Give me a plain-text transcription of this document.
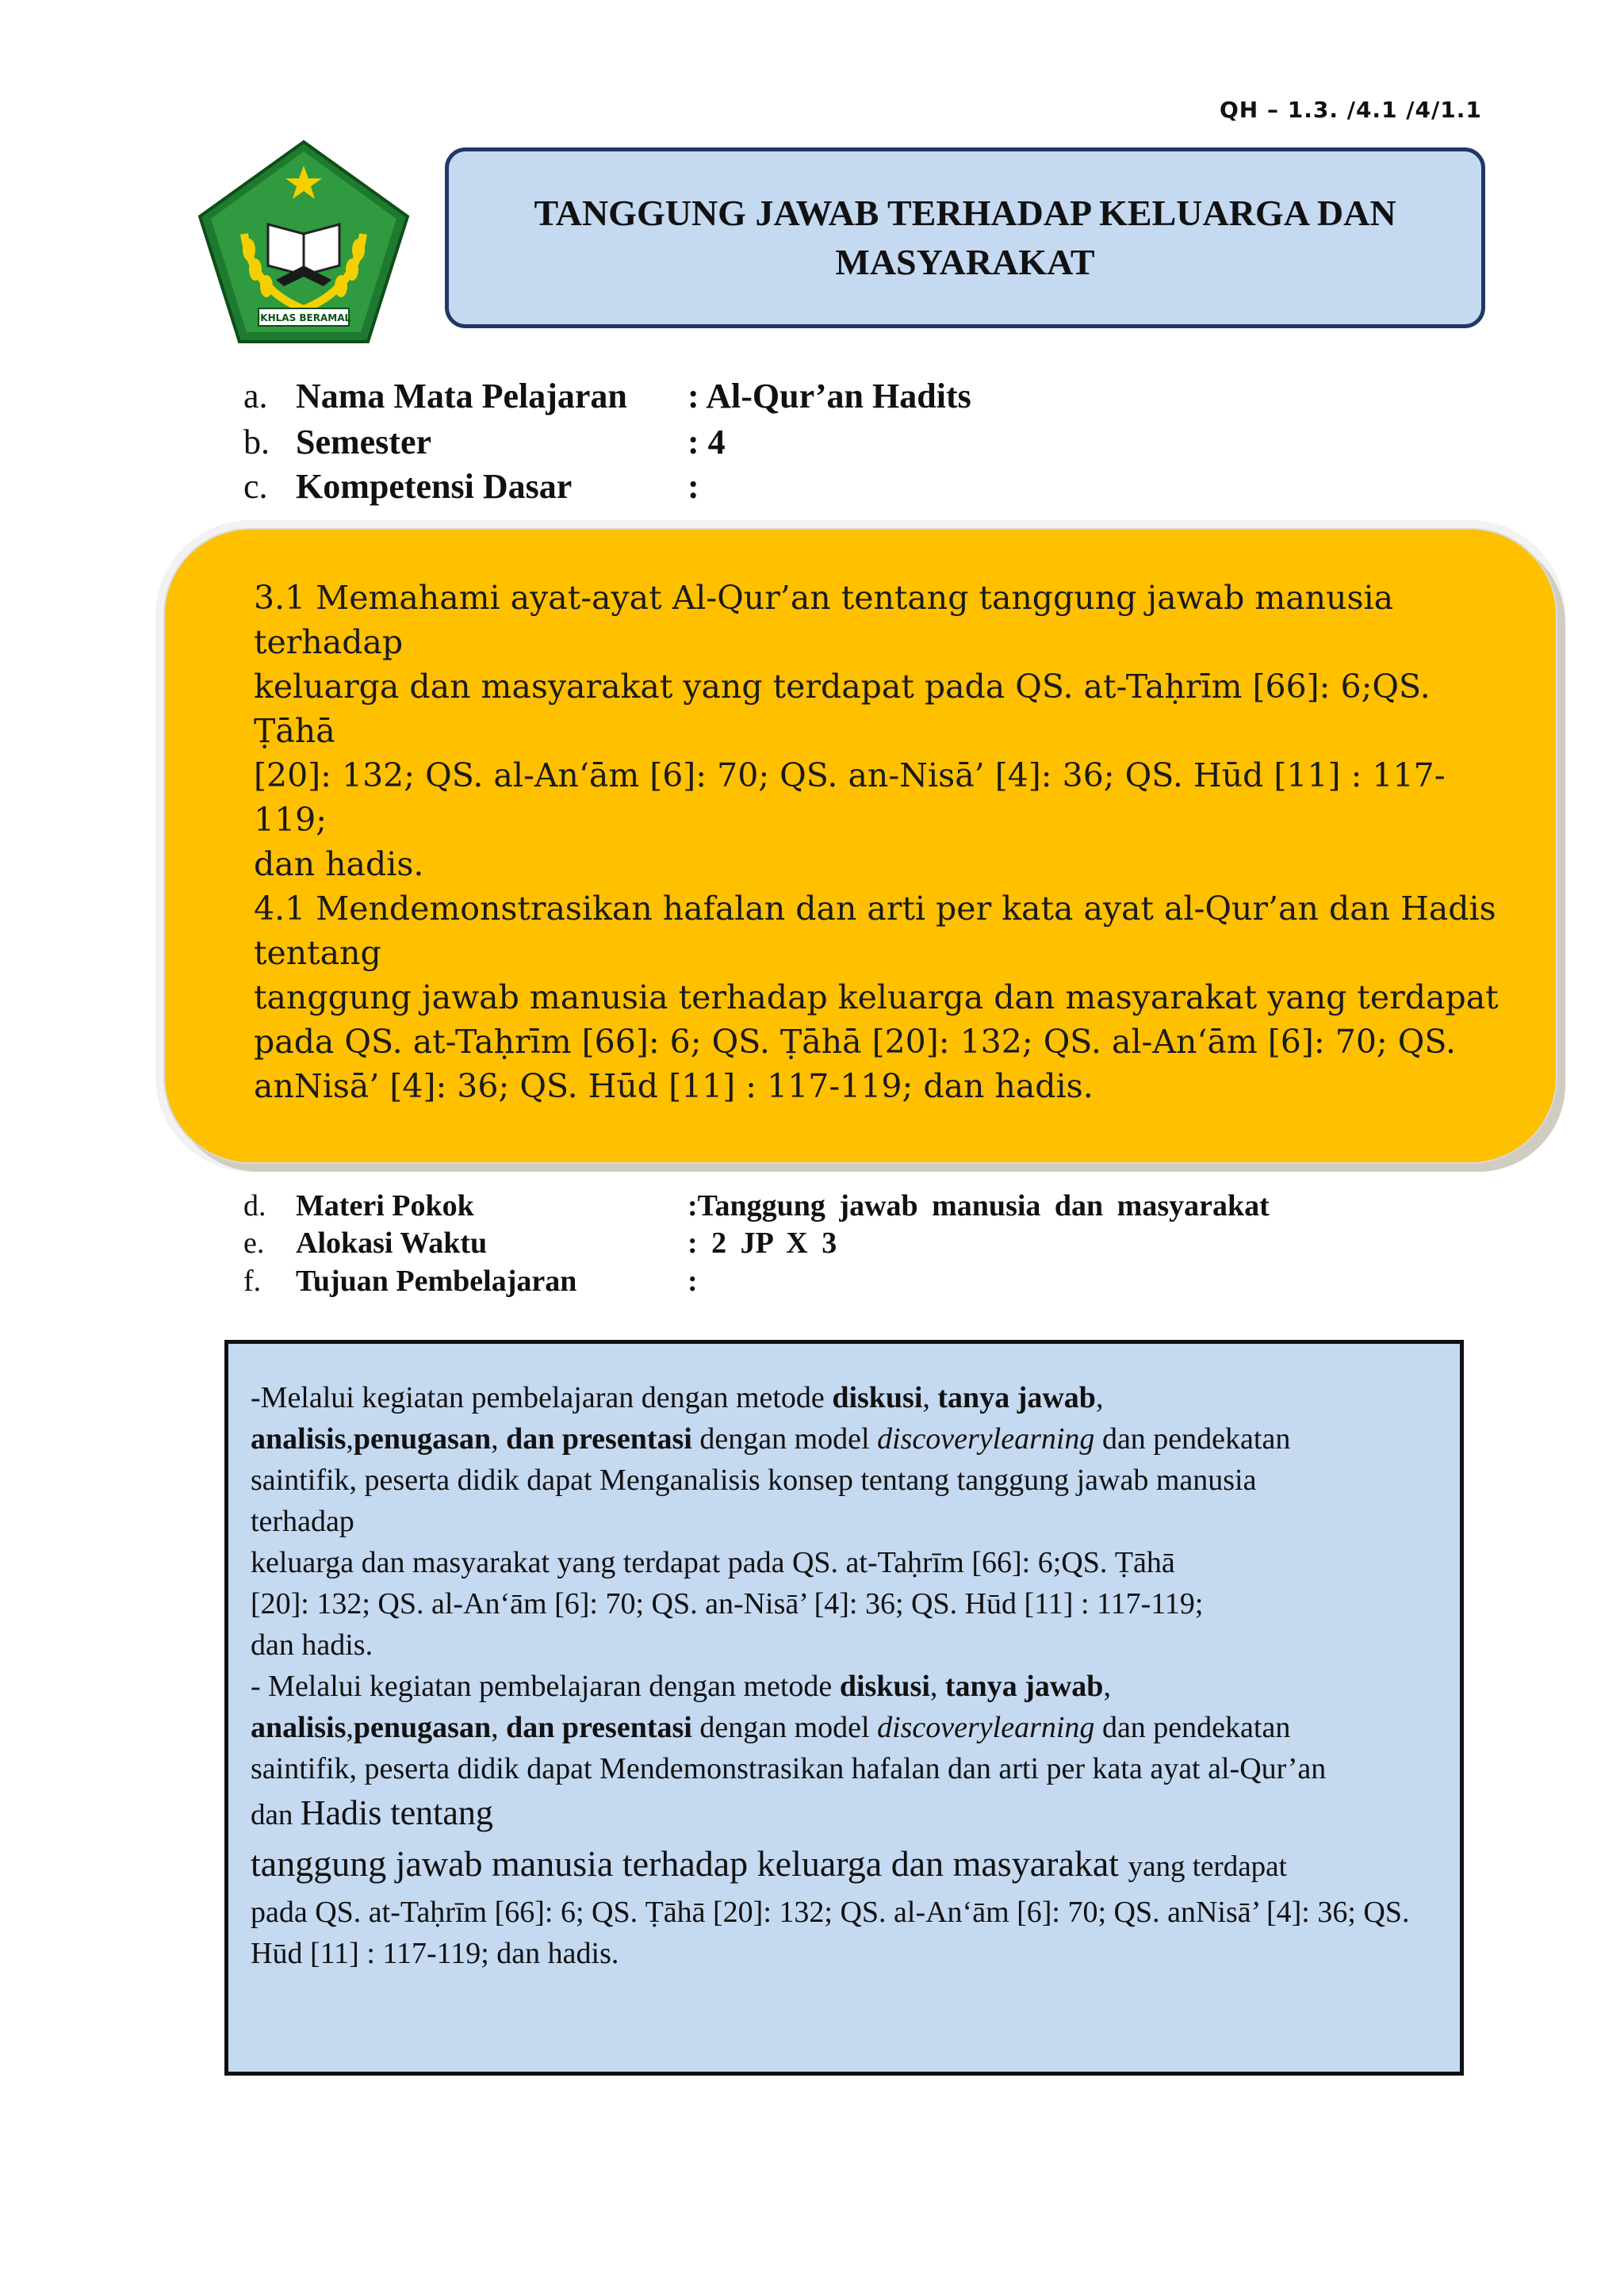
QH – 1.3. /4.1 /4/1.1
IKHLAS BERAMAL
TANGGUNG JAWAB TERHADAP KELUARGA DAN
MASYARAKAT
a. Nama Mata Pelajaran : Al-Qur’an Hadits
b. Semester	: 4
c. Kompetensi Dasar	:

3.1 Memahami ayat-ayat Al-Qur’an tentang tanggung jawab manusia

terhadap

keluarga dan masyarakat yang terdapat pada QS. at-Taḥrīm [66]: 6;QS. Ṭāhā

[20]: 132; QS. al-An‘ām [6]: 70; QS. an-Nisā’ [4]: 36; QS. Hūd [11] : 117-119;

dan hadis.

4.1 Mendemonstrasikan hafalan dan arti per kata ayat al-Qur’an dan Hadis

tentang

tanggung jawab manusia terhadap keluarga dan masyarakat yang terdapat

pada QS. at-Taḥrīm [66]: 6; QS. Ṭāhā [20]: 132; QS. al-An‘ām [6]: 70; QS.

anNisā’ [4]: 36; QS. Hūd [11] : 117-119; dan hadis.

d. Materi Pokok	:Tanggung jawab manusia dan masyarakat
e.	Alokasi Waktu	: 2 JP X 3
f.	Tujuan Pembelajaran	:

-Melalui kegiatan pembelajaran dengan metode diskusi, tanya jawab,

analisis,penugasan, dan presentasi dengan model discoverylearning dan pendekatan

saintifik, peserta didik dapat Menganalisis konsep tentang tanggung jawab manusia

terhadap

keluarga dan masyarakat yang terdapat pada QS. at-Taḥrīm [66]: 6;QS. Ṭāhā

[20]: 132; QS. al-An‘ām [6]: 70; QS. an-Nisā’ [4]: 36; QS. Hūd [11] : 117-119;

dan hadis.

- Melalui kegiatan pembelajaran dengan metode diskusi, tanya jawab,

analisis,penugasan, dan presentasi dengan model discoverylearning dan pendekatan

saintifik, peserta didik dapat Mendemonstrasikan hafalan dan arti per kata ayat al-Qur’an

dan Hadis tentang

tanggung jawab manusia terhadap keluarga dan masyarakat yang terdapat

pada QS. at-Taḥrīm [66]: 6; QS. Ṭāhā [20]: 132; QS. al-An‘ām [6]: 70; QS. anNisā’ [4]: 36; QS.

Hūd [11] : 117-119; dan hadis.
